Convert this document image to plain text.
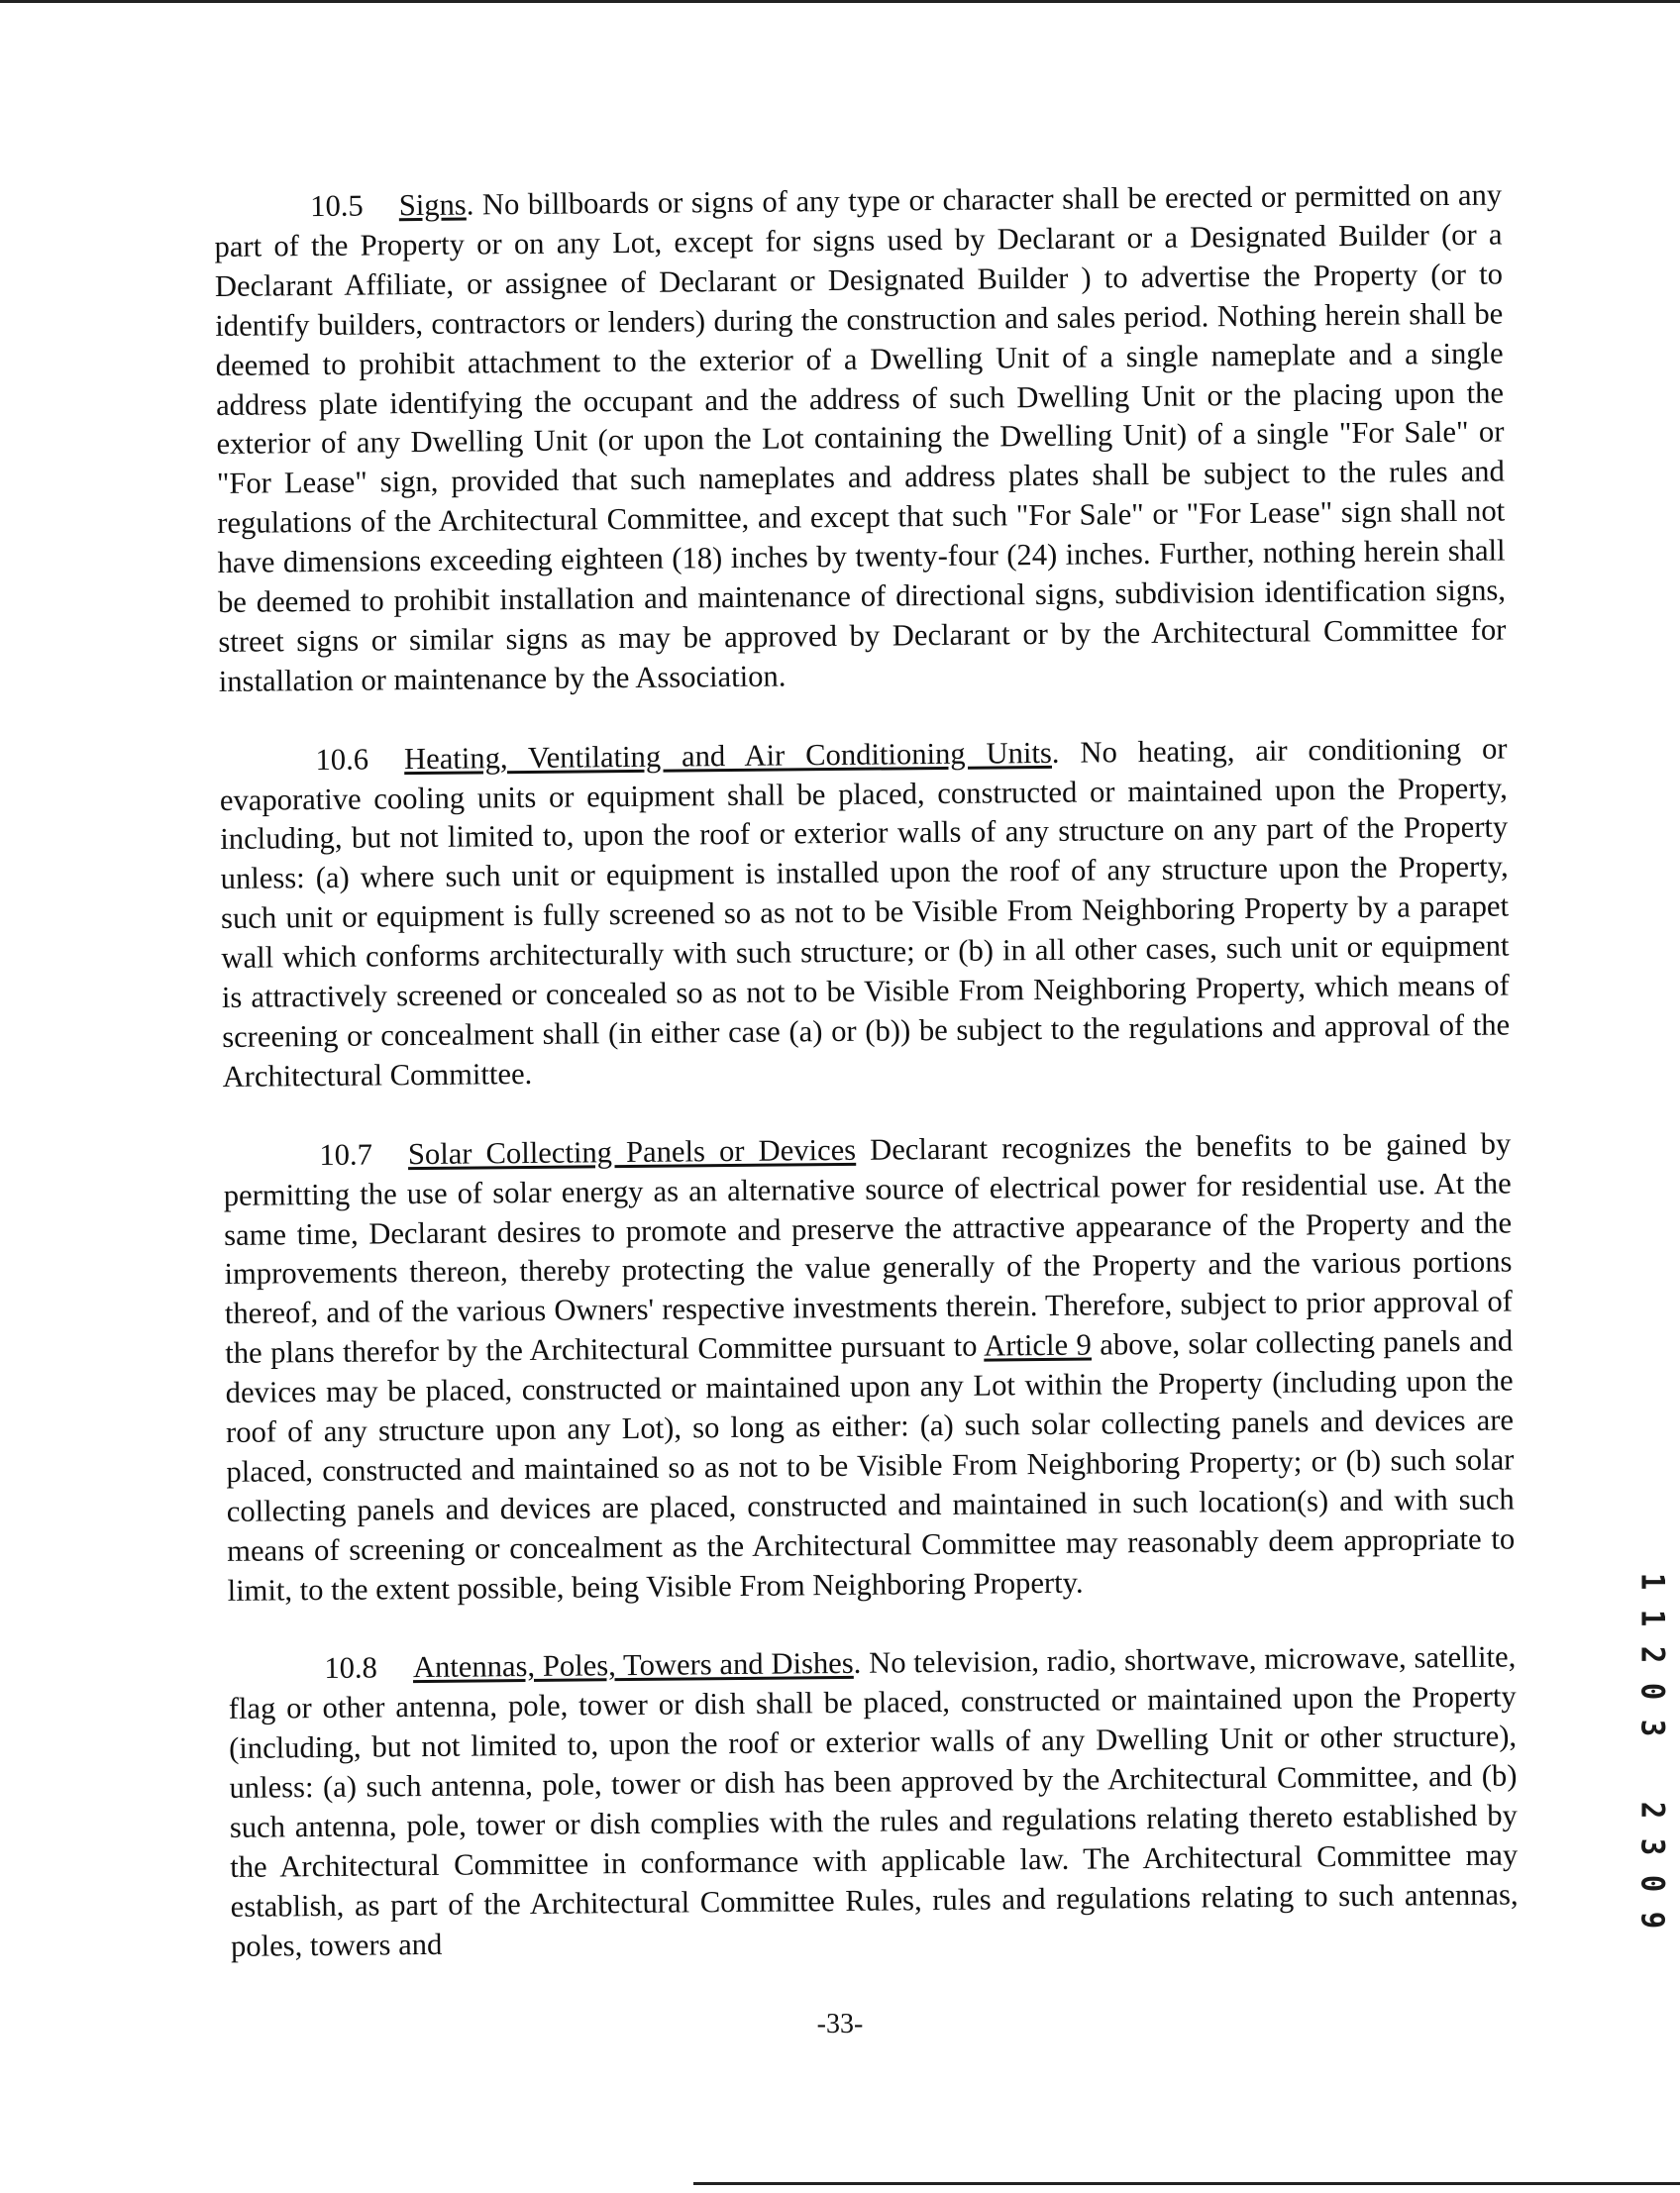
10.5 Signs. No billboards or signs of any type or character shall be erected or permitted on any part of the Property or on any Lot, except for signs used by Declarant or a Designated Builder (or a Declarant Affiliate, or assignee of Declarant or Designated Builder ) to advertise the Property (or to identify builders, contractors or lenders) during the construction and sales period. Nothing herein shall be deemed to prohibit attachment to the exterior of a Dwelling Unit of a single nameplate and a single address plate identifying the occupant and the address of such Dwelling Unit or the placing upon the exterior of any Dwelling Unit (or upon the Lot containing the Dwelling Unit) of a single "For Sale" or "For Lease" sign, provided that such nameplates and address plates shall be subject to the rules and regulations of the Architectural Committee, and except that such "For Sale" or "For Lease" sign shall not have dimensions exceeding eighteen (18) inches by twenty-four (24) inches. Further, nothing herein shall be deemed to prohibit installation and maintenance of directional signs, subdivision identification signs, street signs or similar signs as may be approved by Declarant or by the Architectural Committee for installation or maintenance by the Association.

10.6 Heating, Ventilating and Air Conditioning Units. No heating, air conditioning or evaporative cooling units or equipment shall be placed, constructed or maintained upon the Property, including, but not limited to, upon the roof or exterior walls of any structure on any part of the Property unless: (a) where such unit or equipment is installed upon the roof of any structure upon the Property, such unit or equipment is fully screened so as not to be Visible From Neighboring Property by a parapet wall which conforms architecturally with such structure; or (b) in all other cases, such unit or equipment is attractively screened or concealed so as not to be Visible From Neighboring Property, which means of screening or concealment shall (in either case (a) or (b)) be subject to the regulations and approval of the Architectural Committee.

10.7 Solar Collecting Panels or Devices Declarant recognizes the benefits to be gained by permitting the use of solar energy as an alternative source of electrical power for residential use. At the same time, Declarant desires to promote and preserve the attractive appearance of the Property and the improvements thereon, thereby protecting the value generally of the Property and the various portions thereof, and of the various Owners' respective investments therein. Therefore, subject to prior approval of the plans therefor by the Architectural Committee pursuant to Article 9 above, solar collecting panels and devices may be placed, constructed or maintained upon any Lot within the Property (including upon the roof of any structure upon any Lot), so long as either: (a) such solar collecting panels and devices are placed, constructed and maintained so as not to be Visible From Neighboring Property; or (b) such solar collecting panels and devices are placed, constructed and maintained in such location(s) and with such means of screening or concealment as the Architectural Committee may reasonably deem appropriate to limit, to the extent possible, being Visible From Neighboring Property.

10.8 Antennas, Poles, Towers and Dishes. No television, radio, shortwave, microwave, satellite, flag or other antenna, pole, tower or dish shall be placed, constructed or maintained upon the Property (including, but not limited to, upon the roof or exterior walls of any Dwelling Unit or other structure), unless: (a) such antenna, pole, tower or dish has been approved by the Architectural Committee, and (b) such antenna, pole, tower or dish complies with the rules and regulations relating thereto established by the Architectural Committee in conformance with applicable law. The Architectural Committee may establish, as part of the Architectural Committee Rules, rules and regulations relating to such antennas, poles, towers and

-33-
1
1
2
0
3
2
3
0
9
